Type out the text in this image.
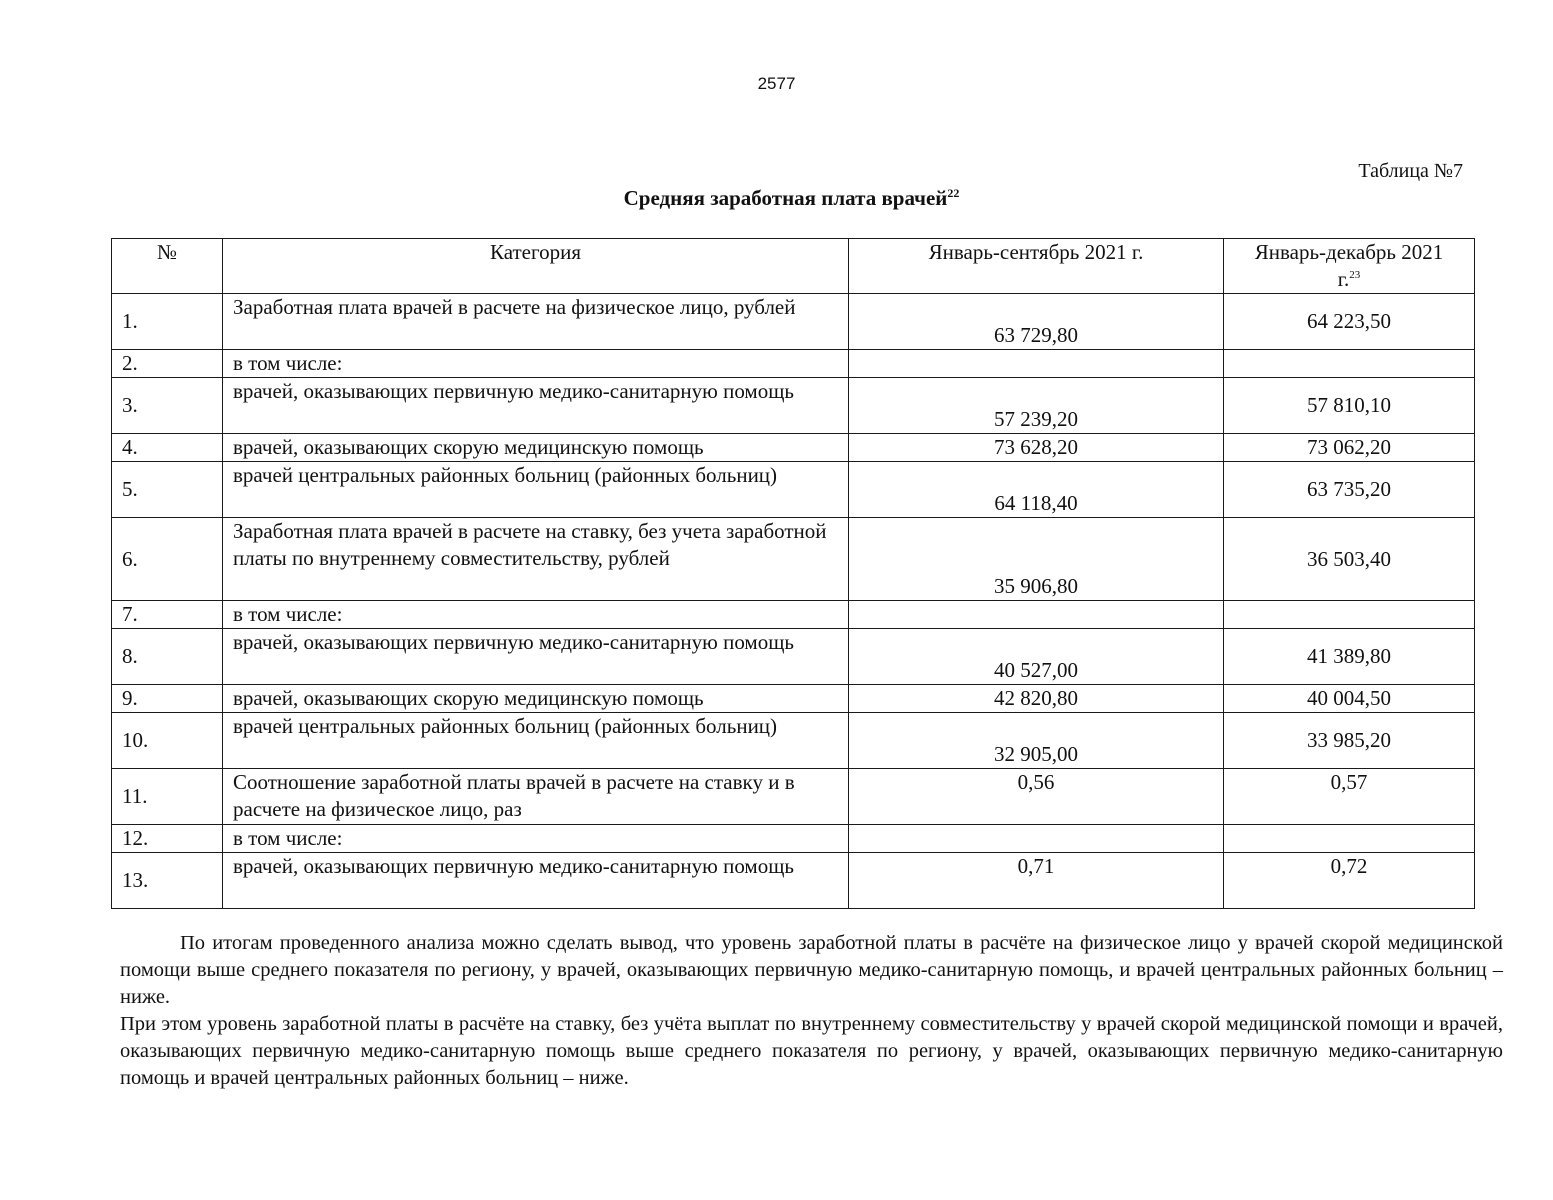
2577
Таблица №7
Средняя заработная плата врачей$^{22}$
№	Категория	Январь-сентябрь 2021 г.	Январь-декабрь 2021
г.$^{23}$
1.	Заработная плата врачей в расчете на физическое лицо, рублей	63 729,80	64 223,50
2.	в том числе:		
3.	врачей, оказывающих первичную медико-санитарную помощь	57 239,20	57 810,10
4.	врачей, оказывающих скорую медицинскую помощь	73 628,20	73 062,20
5.	врачей центральных районных больниц (районных больниц)	64 118,40	63 735,20
6.	Заработная плата врачей в расчете на ставку, без учета заработной платы по внутреннему совместительству, рублей	35 906,80	36 503,40
7.	в том числе:		
8.	врачей, оказывающих первичную медико-санитарную помощь	40 527,00	41 389,80
9.	врачей, оказывающих скорую медицинскую помощь	42 820,80	40 004,50
10.	врачей центральных районных больниц (районных больниц)	32 905,00	33 985,20
11.	Соотношение заработной платы врачей в расчете на ставку и в расчете на физическое лицо, раз	0,56	0,57
12.	в том числе:		
13.	врачей, оказывающих первичную медико-санитарную помощь	0,71	0,72

По итогам проведенного анализа можно сделать вывод, что уровень заработной платы в расчёте на физическое лицо у врачей скорой медицинской помощи выше среднего показателя по региону, у врачей, оказывающих первичную медико-санитарную помощь, и врачей центральных районных больниц – ниже.

При этом уровень заработной платы в расчёте на ставку, без учёта выплат по внутреннему совместительству у врачей скорой медицинской помощи и врачей, оказывающих первичную медико-санитарную помощь выше среднего показателя по региону, у врачей, оказывающих первичную медико-санитарную помощь и врачей центральных районных больниц – ниже.
